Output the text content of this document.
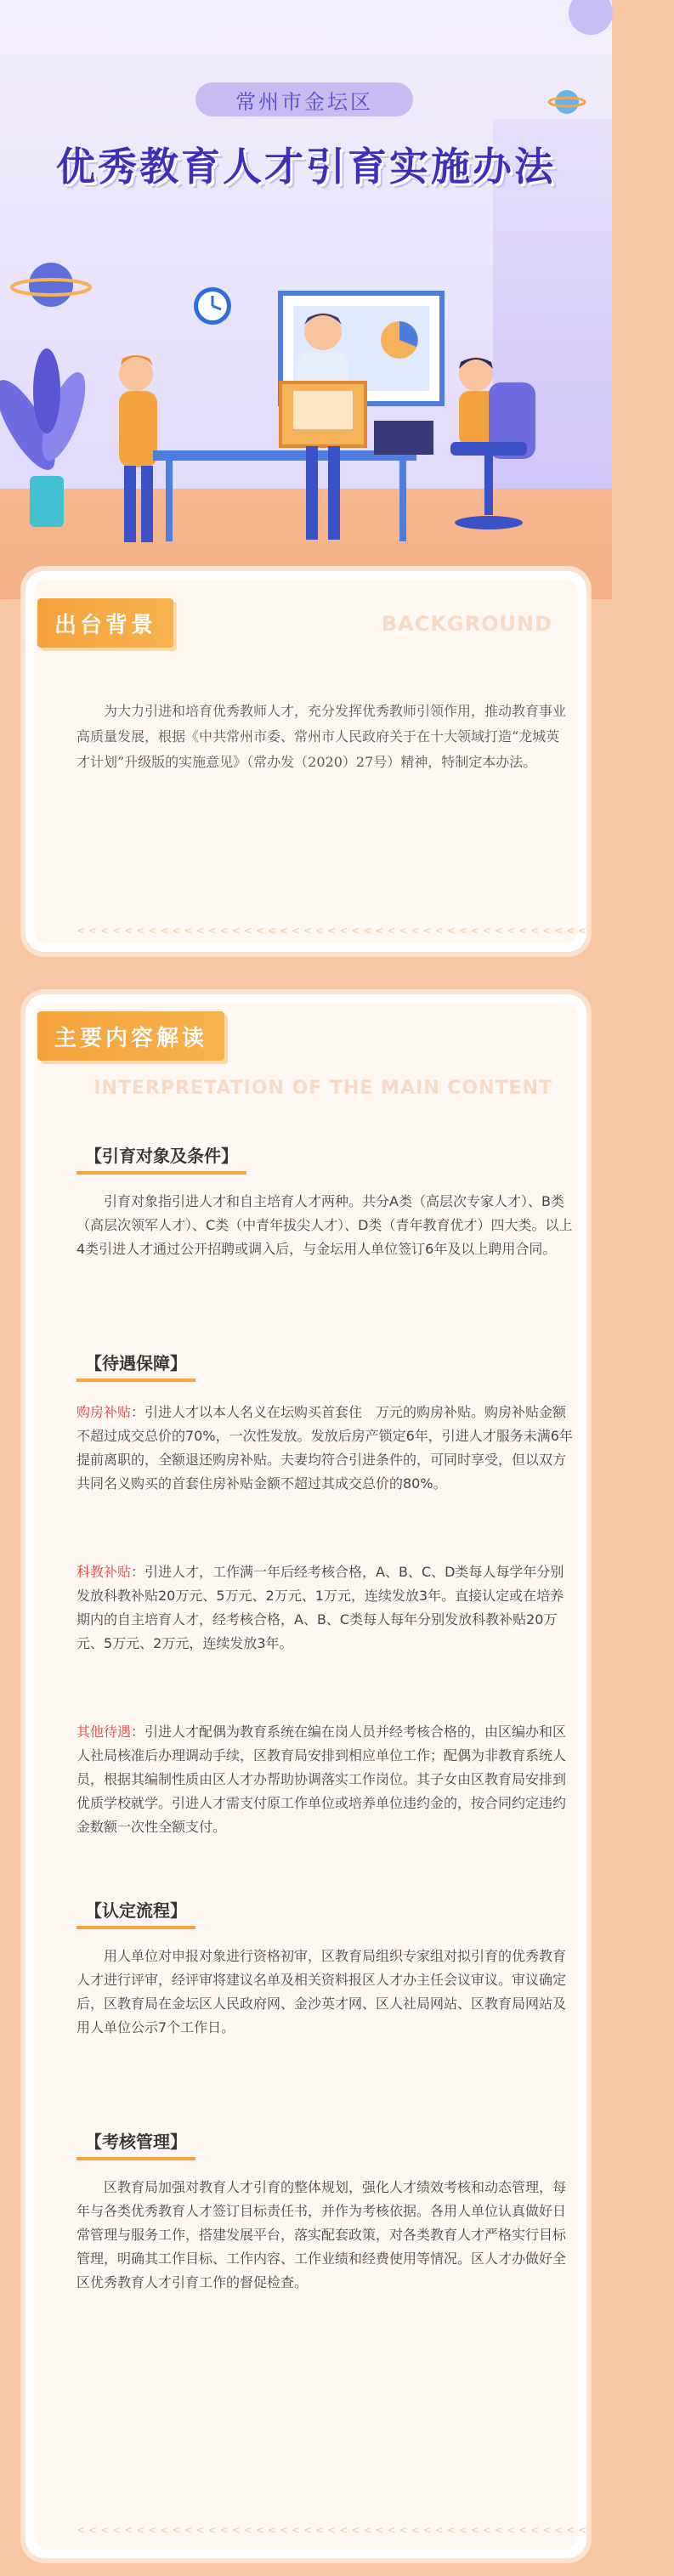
常州市金坛区
优秀教育人才引育实施办法
出台背景	BACKGROUND

为大力引进和培育优秀教师人才，充分发挥优秀教师引领作用，推动教育事业高质量发展，根据《中共常州市委、常州市人民政府关于在十大领域打造“龙城英才计划”升级版的实施意见》（常办发（2020）27号）精神，特制定本办法。

<<<<<<<<<<<<<<<<<<<<<<<<<<<<<<<<<<<<<<<<<<<<<<<<<<
主要内容解读
INTERPRETATION OF THE MAIN CONTENT
【引育对象及条件】

引育对象指引进人才和自主培育人才两种。共分A类（高层次专家人才）、B类（高层次领军人才）、C类（中青年拔尖人才）、D类（青年教育优才）四大类。以上4类引进人才通过公开招聘或调入后，与金坛用人单位签订6年及以上聘用合同。

【待遇保障】

购房补贴：引进人才以本人名义在坛购买首套住　万元的购房补贴。购房补贴金额不超过成交总价的70%，一次性发放。发放后房产锁定6年，引进人才服务未满6年提前离职的，全额退还购房补贴。夫妻均符合引进条件的，可同时享受，但以双方共同名义购买的首套住房补贴金额不超过其成交总价的80%。

科教补贴：引进人才，工作满一年后经考核合格，A、B、C、D类每人每学年分别发放科教补贴20万元、5万元、2万元、1万元，连续发放3年。直接认定或在培养期内的自主培育人才，经考核合格，A、B、C类每人每年分别发放科教补贴20万元、5万元、2万元，连续发放3年。

其他待遇：引进人才配偶为教育系统在编在岗人员并经考核合格的，由区编办和区人社局核准后办理调动手续，区教育局安排到相应单位工作；配偶为非教育系统人员，根据其编制性质由区人才办帮助协调落实工作岗位。其子女由区教育局安排到优质学校就学。引进人才需支付原工作单位或培养单位违约金的，按合同约定违约金数额一次性全额支付。

【认定流程】

用人单位对申报对象进行资格初审，区教育局组织专家组对拟引育的优秀教育人才进行评审，经评审将建议名单及相关资料报区人才办主任会议审议。审议确定后，区教育局在金坛区人民政府网、金沙英才网、区人社局网站、区教育局网站及用人单位公示7个工作日。

【考核管理】

区教育局加强对教育人才引育的整体规划，强化人才绩效考核和动态管理，每年与各类优秀教育人才签订目标责任书，并作为考核依据。各用人单位认真做好日常管理与服务工作，搭建发展平台，落实配套政策，对各类教育人才严格实行目标管理，明确其工作目标、工作内容、工作业绩和经费使用等情况。区人才办做好全区优秀教育人才引育工作的督促检查。

<<<<<<<<<<<<<<<<<<<<<<<<<<<<<<<<<<<<<<<<<<<<<<<<<<
